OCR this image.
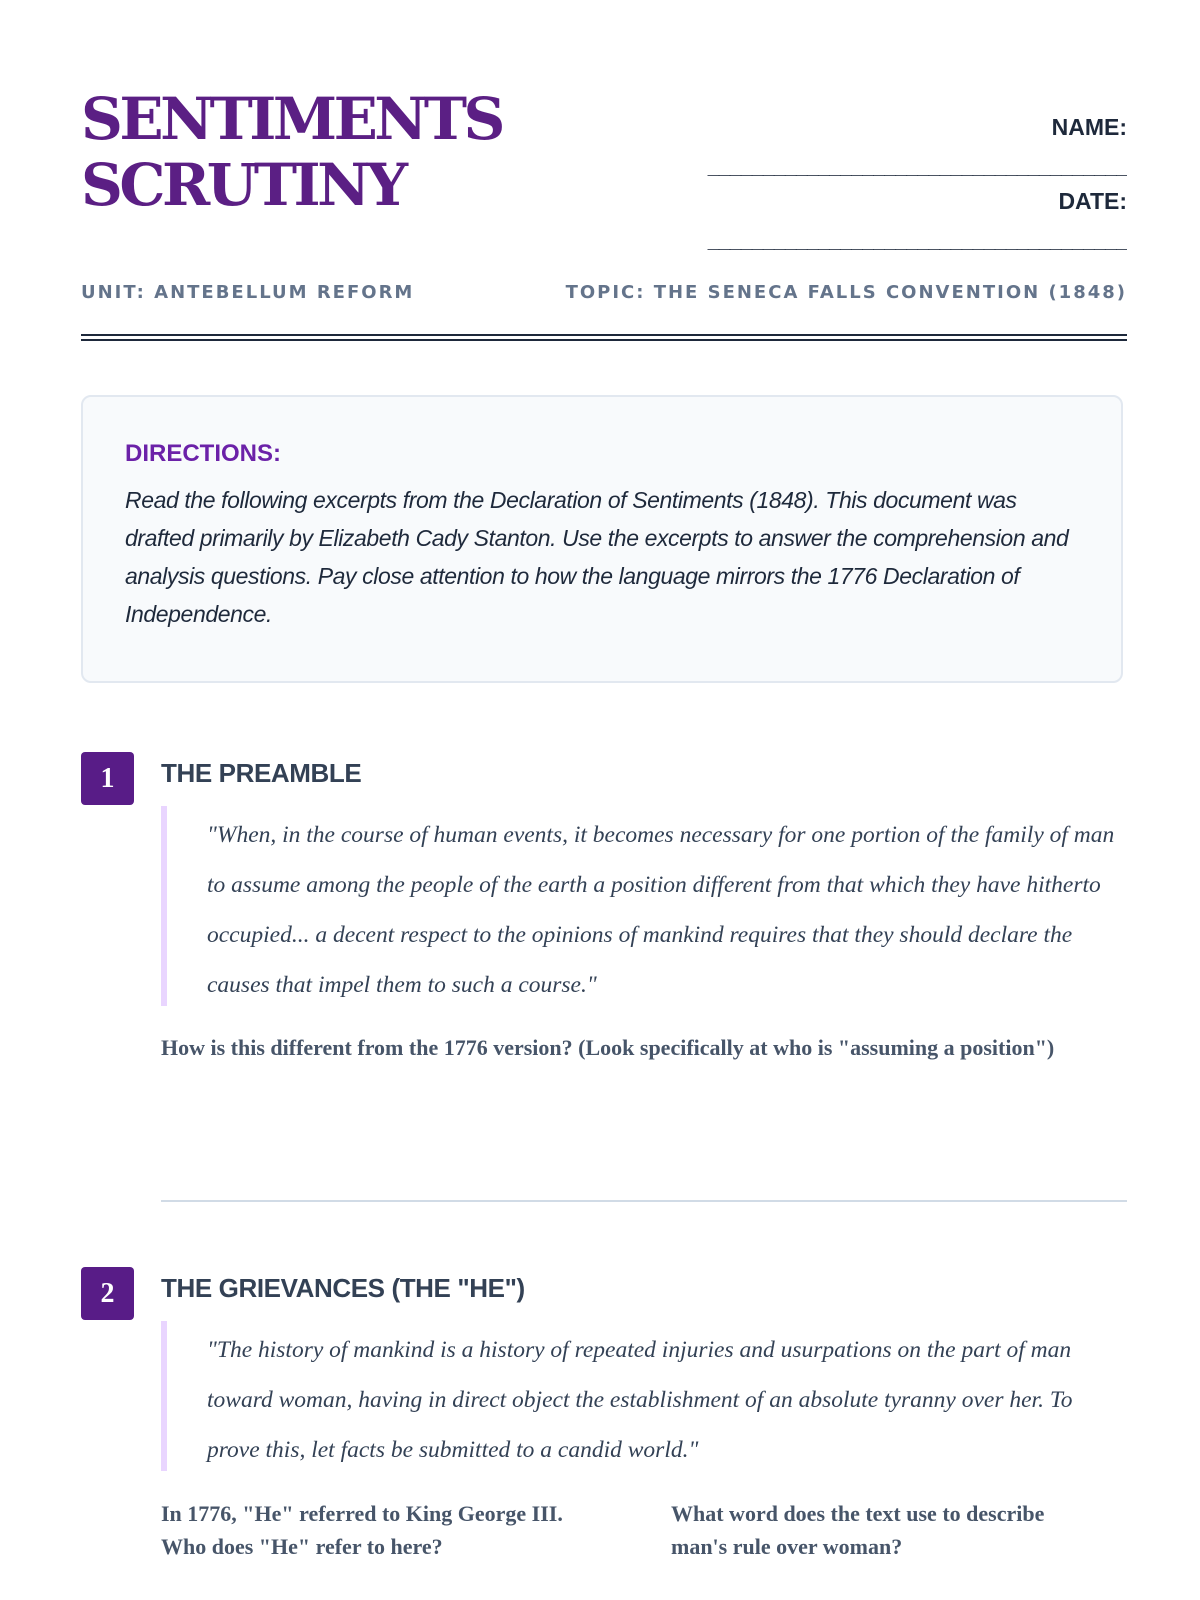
SENTIMENTS
SCRUTINY
NAME:
______________________________________
DATE:
______________________________________
UNIT: ANTEBELLUM REFORM	TOPIC: THE SENECA FALLS CONVENTION (1848)

DIRECTIONS:

Read the following excerpts from the Declaration of Sentiments (1848). This document was drafted primarily by Elizabeth Cady Stanton. Use the excerpts to answer the comprehension and analysis questions. Pay close attention to how the language mirrors the 1776 Declaration of Independence.

1	THE PREAMBLE

"When, in the course of human events, it becomes necessary for one portion of the family of man to assume among the people of the earth a position different from that which they have hitherto occupied... a decent respect to the opinions of mankind requires that they should declare the causes that impel them to such a course."

How is this different from the 1776 version? (Look specifically at who is "assuming a position")

2	THE GRIEVANCES (THE "HE")

"The history of mankind is a history of repeated injuries and usurpations on the part of man toward woman, having in direct object the establishment of an absolute tyranny over her. To prove this, let facts be submitted to a candid world."

In 1776, "He" referred to King George III. Who does "He" refer to here?

What word does the text use to describe man's rule over woman?
